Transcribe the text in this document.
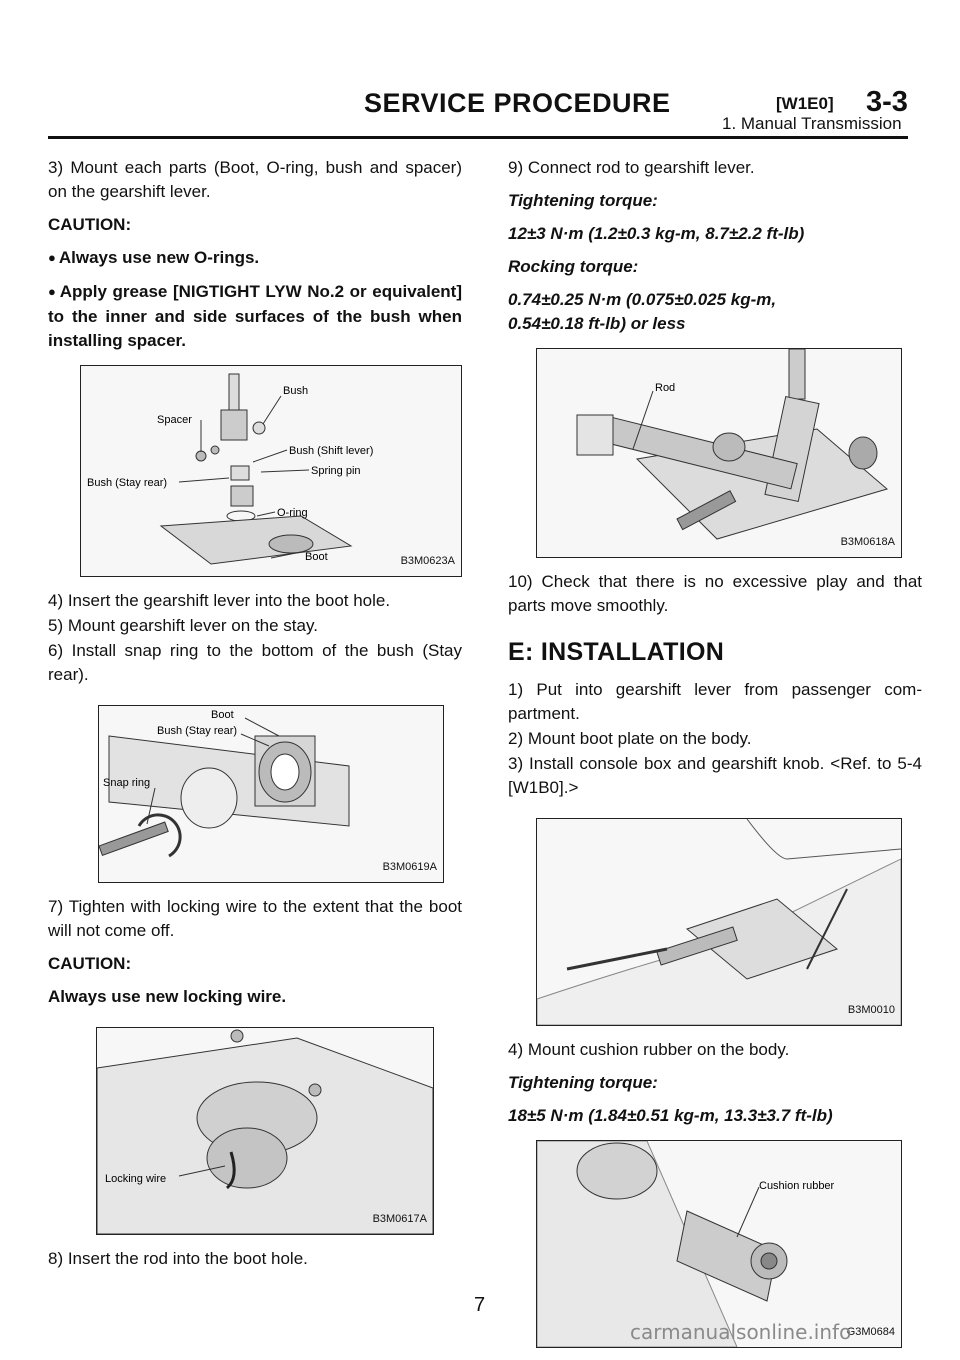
SERVICE PROCEDURE	[W1E0] 3-3
1. Manual Transmission

3) Mount each parts (Boot, O-ring, bush and spacer) on the gearshift lever.

CAUTION:

● Always use new O-rings.

● Apply grease [NIGTIGHT LYW No.2 or equivalent] to the inner and side surfaces of the bush when installing spacer.

Spacer
Bush
Bush (Shift lever)
Spring pin
Bush (Stay rear)
O-ring
Boot	B3M0623A

4) Insert the gearshift lever into the boot hole.

5) Mount gearshift lever on the stay.

6) Install snap ring to the bottom of the bush (Stay rear).

Boot
Bush (Stay rear)
Snap ring
B3M0619A

7) Tighten with locking wire to the extent that the boot will not come off.

CAUTION:

Always use new locking wire.

Locking wire
B3M0617A

8) Insert the rod into the boot hole.

9) Connect rod to gearshift lever.

Tightening torque:

12±3 N·m (1.2±0.3 kg-m, 8.7±2.2 ft-lb)

Rocking torque:

0.74±0.25 N·m (0.075±0.025 kg-m,

0.54±0.18 ft-lb) or less

Rod
B3M0618A

10) Check that there is no excessive play and that parts move smoothly.

E: INSTALLATION

1) Put into gearshift lever from passenger com- partment.

2) Mount boot plate on the body.

3) Install console box and gearshift knob. <Ref. to 5-4 [W1B0].>

B3M0010

4) Mount cushion rubber on the body.

Tightening torque:

18±5 N·m (1.84±0.51 kg-m, 13.3±3.7 ft-lb)

Cushion rubber
G3M0684
7
carmanualsonline.info
